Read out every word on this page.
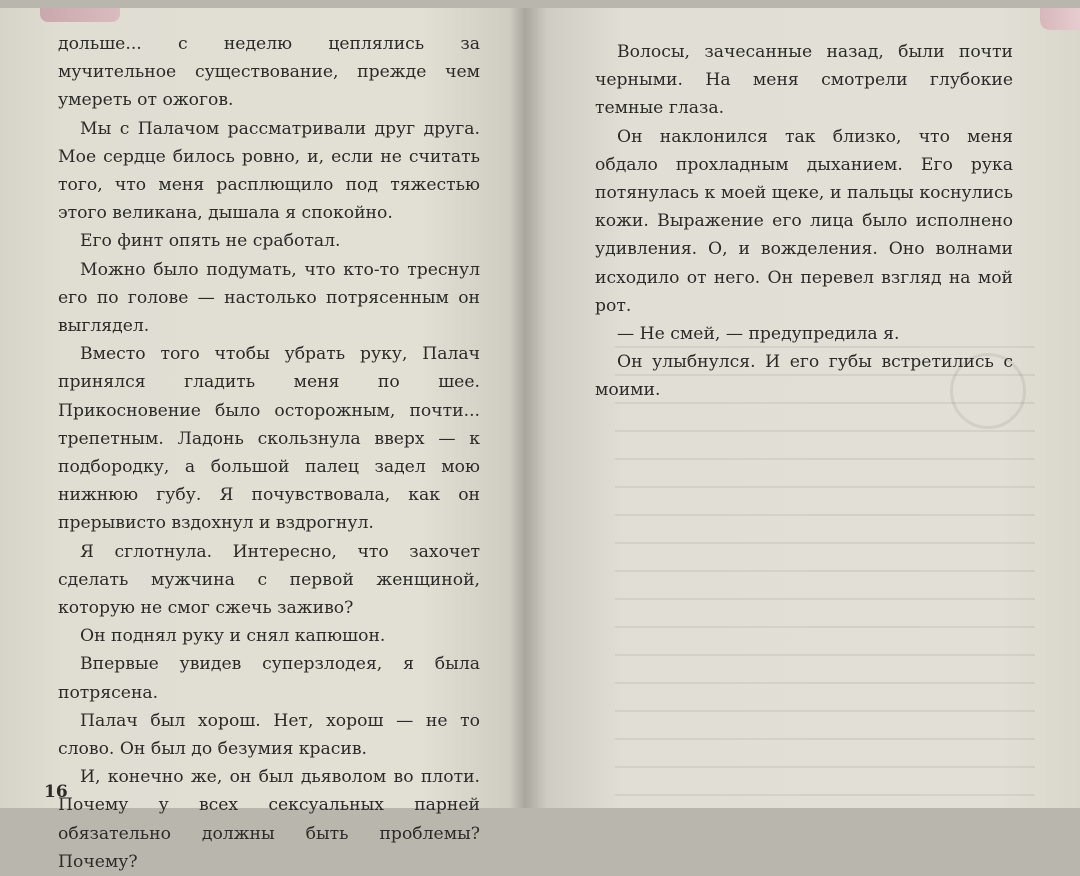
дольше... с неделю цеплялись за мучительное существование, прежде чем умереть от ожогов.

Мы с Палачом рассматривали друг друга. Мое сердце билось ровно, и, если не считать того, что меня расплющило под тяжестью этого великана, дышала я спокойно.

Его финт опять не сработал.

Можно было подумать, что кто-то треснул его по голове — настолько потрясенным он выглядел.

Вместо того чтобы убрать руку, Палач принялся гладить меня по шее. Прикосновение было осторожным, почти... трепетным. Ладонь скользнула вверх — к подбородку, а большой палец задел мою нижнюю губу. Я почувствовала, как он прерывисто вздохнул и вздрогнул.

Я сглотнула. Интересно, что захочет сделать мужчина с первой женщиной, которую не смог сжечь заживо?

Он поднял руку и снял капюшон.

Впервые увидев суперзлодея, я была потрясена.

Палач был хорош. Нет, хорош — не то слово. Он был до безумия красив.

И, конечно же, он был дьяволом во плоти. Почему у всех сексуальных парней обязательно должны быть проблемы? Почему?

16

Волосы, зачесанные назад, были почти черными. На меня смотрели глубокие темные глаза.

Он наклонился так близко, что меня обдало прохладным дыханием. Его рука потянулась к моей щеке, и пальцы коснулись кожи. Выражение его лица было исполнено удивления. О, и вожделения. Оно волнами исходило от него. Он перевел взгляд на мой рот.

— Не смей, — предупредила я.

Он улыбнулся. И его губы встретились с моими.
